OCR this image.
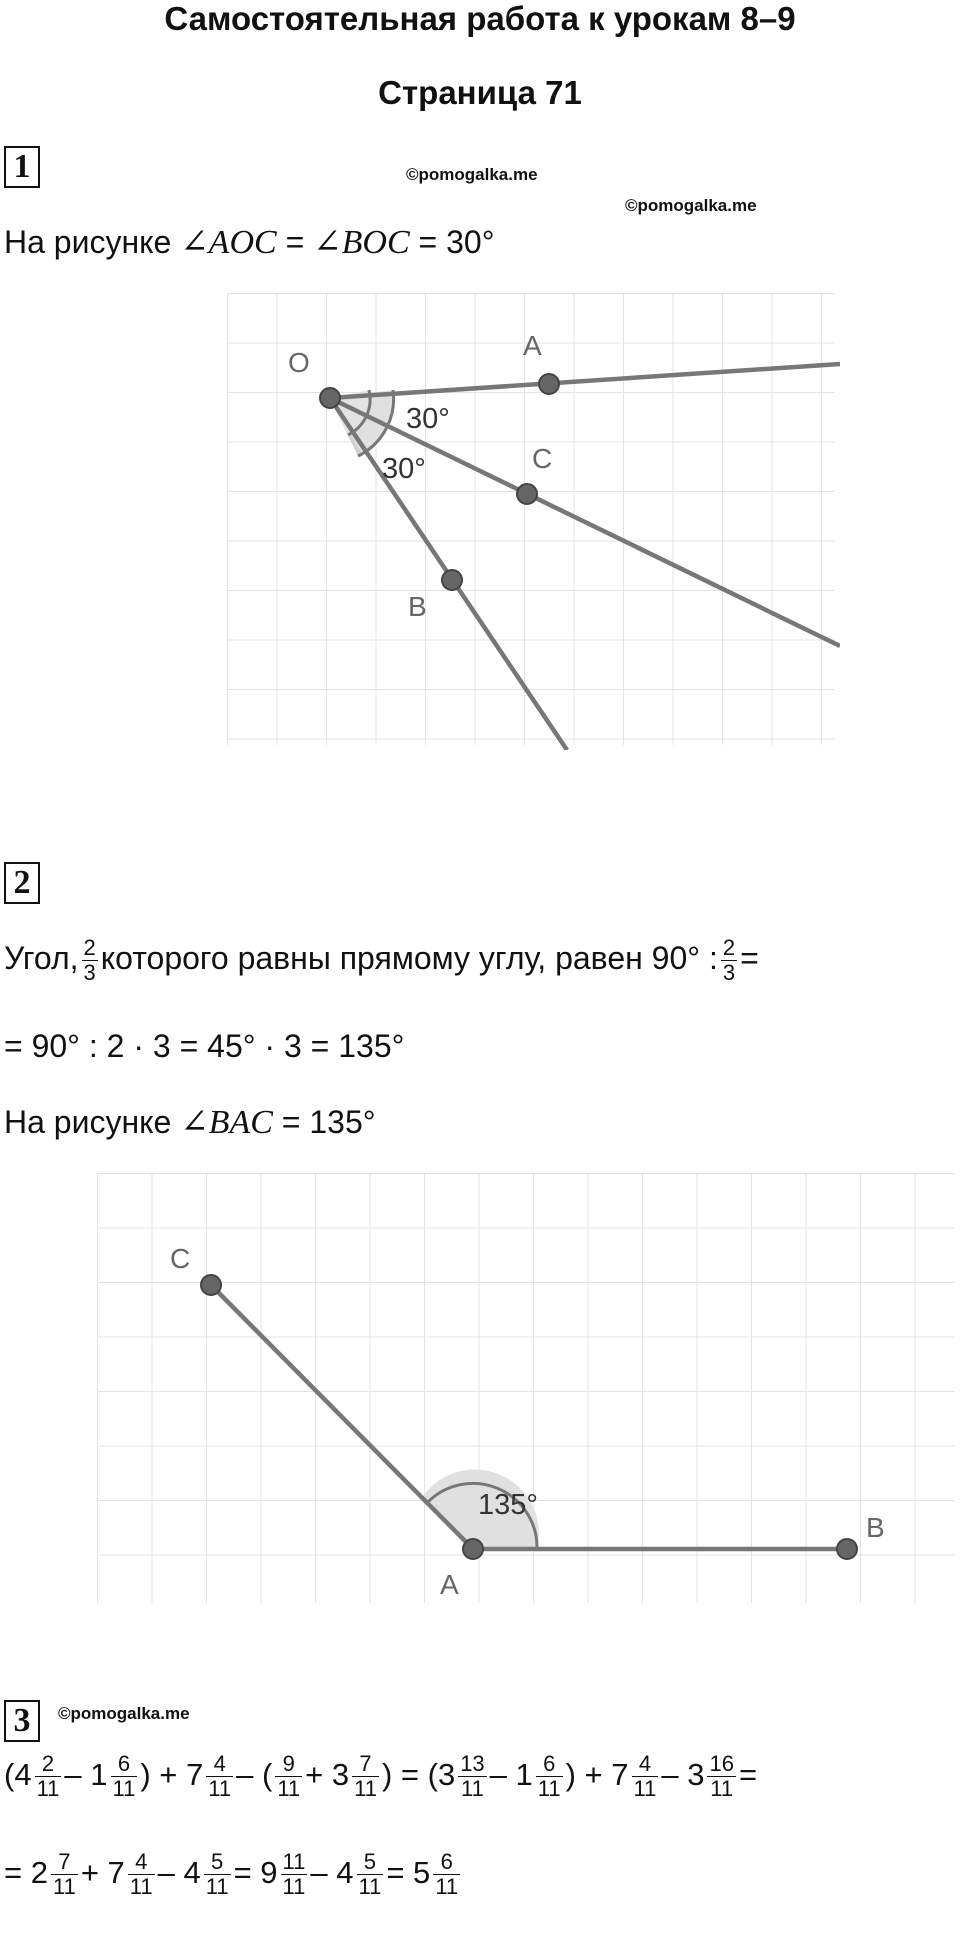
Самостоятельная работа к урокам 8–9
Страница 71
1	©pomogalka.me
©pomogalka.me
На рисунке ∠AOC = ∠BOC = 30°
O
A
C
B
30°
30°
2
Угол, $\frac{2}{3}$ которого равны прямому углу, равен 90° : $\frac{2}{3}$ =
= 90° : 2 · 3 = 45° · 3 = 135°
На рисунке ∠BAC = 135°
C
A
B
135°
3	©pomogalka.me
($4 \frac{2}{11} - 1 \frac{6}{11}$ ) + $7 \frac{4}{11}$ – ( $\frac{9}{11} + 3 \frac{7}{11}$ ) = ($3 \frac{13}{11} - 1 \frac{6}{11}$ ) + $7 \frac{4}{11} - 3 \frac{16}{11}$ =
= $2 \frac{7}{11} + 7 \frac{4}{11} - 4 \frac{5}{11} = 9 \frac{11}{11} - 4 \frac{5}{11} = 5 \frac{6}{11}$
